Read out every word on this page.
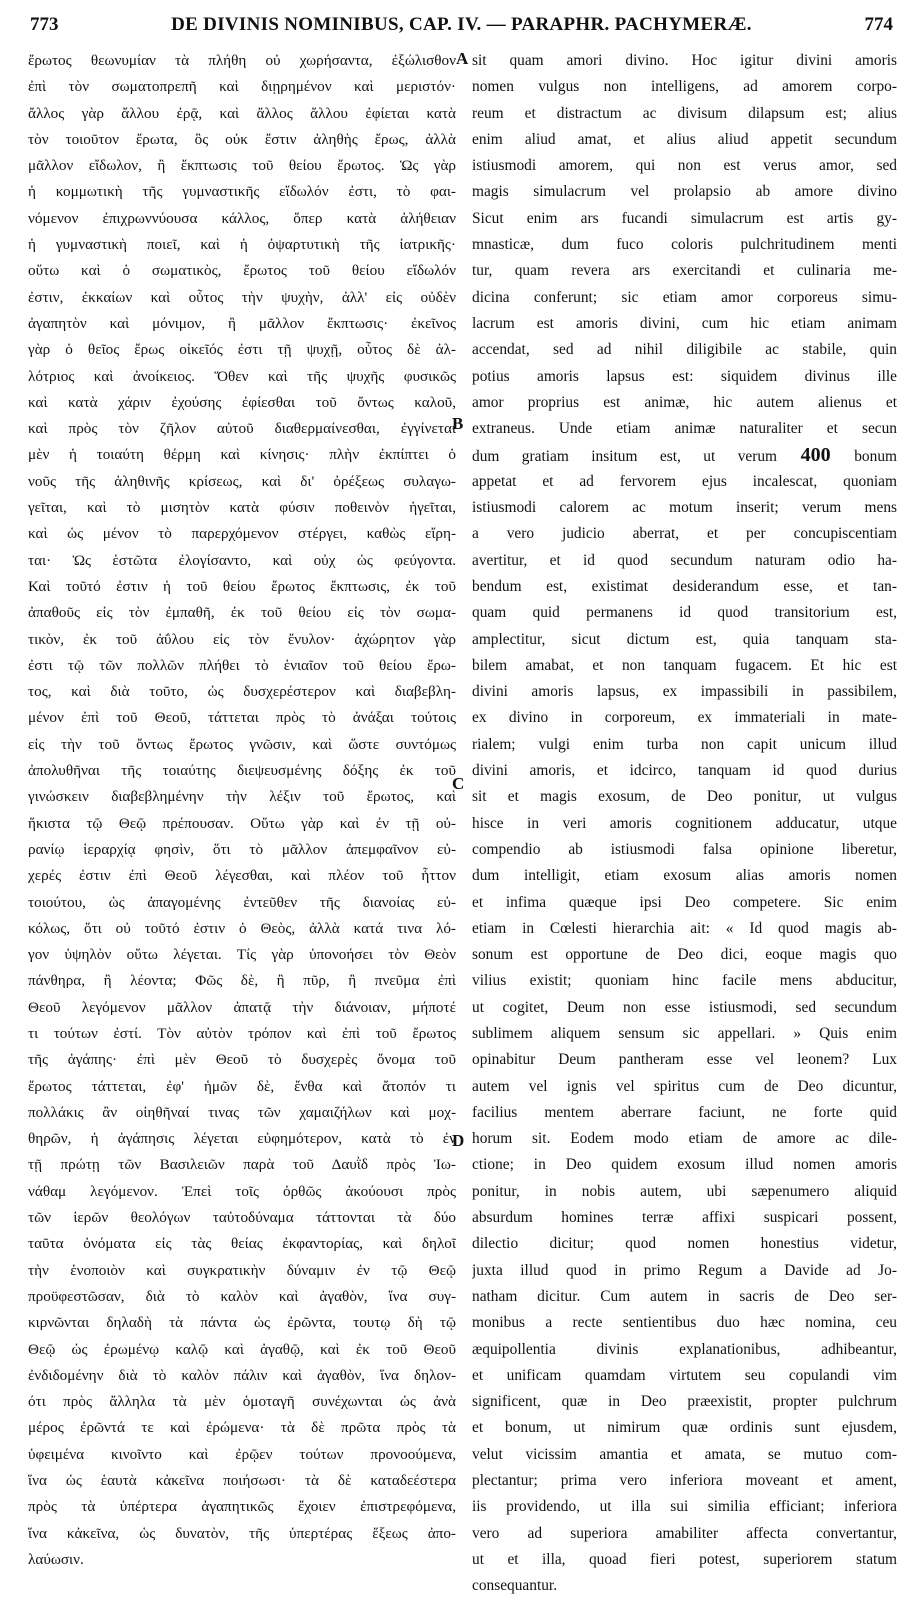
773	DE DIVINIS NOMINIBUS, CAP. IV. — PARAPHR. PACHYMERÆ.	774
A
B
C
D
ἔρωτος θεωνυμίαν τὰ πλήθη οὐ χωρήσαντα, ἐξώλισθον
ἐπὶ τὸν σωματοπρεπῆ καὶ διῃρημένον καὶ μεριστόν·
ἄλλος γὰρ ἄλλου ἐρᾷ, καὶ ἄλλος ἄλλου ἐφίεται κατὰ
τὸν τοιοῦτον ἔρωτα, ὃς οὐκ ἔστιν ἀληθὴς ἔρως, ἀλλὰ
μᾶλλον εἴδωλον, ἢ ἔκπτωσις τοῦ θείου ἔρωτος. Ὡς γὰρ
ἡ κομμωτικὴ τῆς γυμναστικῆς εἴδωλόν ἐστι, τὸ φαι-
νόμενον ἐπιχρωννύουσα κάλλος, ὅπερ κατὰ ἀλήθειαν
ἡ γυμναστικὴ ποιεῖ, καὶ ἡ ὀψαρτυτικὴ τῆς ἰατρικῆς·
οὕτω καὶ ὁ σωματικὸς, ἔρωτος τοῦ θείου εἴδωλόν
ἐστιν, ἐκκαίων καὶ οὗτος τὴν ψυχὴν, ἀλλ' εἰς οὐδὲν
ἀγαπητὸν καὶ μόνιμον, ἢ μᾶλλον ἔκπτωσις· ἐκεῖνος
γὰρ ὁ θεῖος ἔρως οἰκεῖός ἐστι τῇ ψυχῇ, οὗτος δὲ ἀλ-
λότριος καὶ ἀνοίκειος. Ὅθεν καὶ τῆς ψυχῆς φυσικῶς
καὶ κατὰ χάριν ἐχούσης ἐφίεσθαι τοῦ ὄντως καλοῦ,
καὶ πρὸς τὸν ζῆλον αὐτοῦ διαθερμαίνεσθαι, ἐγγίνεται
μὲν ἡ τοιαύτη θέρμη καὶ κίνησις· πλὴν ἐκπίπτει ὁ
νοῦς τῆς ἀληθινῆς κρίσεως, καὶ δι' ὀρέξεως συλαγω-
γεῖται, καὶ τὸ μισητὸν κατὰ φύσιν ποθεινὸν ἡγεῖται,
καὶ ὡς μένον τὸ παρερχόμενον στέργει, καθὼς εἴρη-
ται· Ὡς ἑστῶτα ἐλογίσαντο, καὶ οὐχ ὡς φεύγοντα.
Καὶ τοῦτό ἐστιν ἡ τοῦ θείου ἔρωτος ἔκπτωσις, ἐκ τοῦ
ἀπαθοῦς εἰς τὸν ἐμπαθῆ, ἐκ τοῦ θείου εἰς τὸν σωμα-
τικὸν, ἐκ τοῦ ἀΰλου εἰς τὸν ἔνυλον· ἀχώρητον γὰρ
ἐστι τῷ τῶν πολλῶν πλήθει τὸ ἑνιαῖον τοῦ θείου ἔρω-
τος, καὶ διὰ τοῦτο, ὡς δυσχερέστερον καὶ διαβεβλη-
μένον ἐπὶ τοῦ Θεοῦ, τάττεται πρὸς τὸ ἀνάξαι τούτοις
εἰς τὴν τοῦ ὄντως ἔρωτος γνῶσιν, καὶ ὥστε συντόμως
ἀπολυθῆναι τῆς τοιαύτης διεψευσμένης δόξης ἐκ τοῦ
γινώσκειν διαβεβλημένην τὴν λέξιν τοῦ ἔρωτος, καὶ
ἥκιστα τῷ Θεῷ πρέπουσαν. Οὕτω γὰρ καὶ ἐν τῇ οὐ-
ρανίῳ ἱεραρχίᾳ φησὶν, ὅτι τὸ μᾶλλον ἀπεμφαῖνον εὐ-
χερές ἐστιν ἐπὶ Θεοῦ λέγεσθαι, καὶ πλέον τοῦ ἧττον
τοιούτου, ὡς ἀπαγομένης ἐντεῦθεν τῆς διανοίας εὐ-
κόλως, ὅτι οὐ τοῦτό ἐστιν ὁ Θεὸς, ἀλλὰ κατά τινα λό-
γον ὑψηλὸν οὕτω λέγεται. Τίς γὰρ ὑπονοήσει τὸν Θεὸν
πάνθηρα, ἢ λέοντα; Φῶς δὲ, ἢ πῦρ, ἢ πνεῦμα ἐπὶ
Θεοῦ λεγόμενον μᾶλλον ἀπατᾷ τὴν διάνοιαν, μήποτέ
τι τούτων ἐστί. Τὸν αὐτὸν τρόπον καὶ ἐπὶ τοῦ ἔρωτος
τῆς ἀγάπης· ἐπὶ μὲν Θεοῦ τὸ δυσχερὲς ὄνομα τοῦ
ἔρωτος τάττεται, ἐφ' ἡμῶν δὲ, ἔνθα καὶ ἄτοπόν τι
πολλάκις ἂν οἰηθῆναί τινας τῶν χαμαιζήλων καὶ μοχ-
θηρῶν, ἡ ἀγάπησις λέγεται εὐφημότερον, κατὰ τὸ ἐν
τῇ πρώτῃ τῶν Βασιλειῶν παρὰ τοῦ Δαυῒδ πρὸς Ἰω-
νάθαμ λεγόμενον. Ἐπεὶ τοῖς ὀρθῶς ἀκούουσι πρὸς
τῶν ἱερῶν θεολόγων ταὐτοδύναμα τάττονται τὰ δύο
ταῦτα ὀνόματα εἰς τὰς θείας ἐκφαντορίας, καὶ δηλοῖ
τὴν ἑνοποιὸν καὶ συγκρατικὴν δύναμιν ἐν τῷ Θεῷ
προϋφεστῶσαν, διὰ τὸ καλὸν καὶ ἀγαθὸν, ἵνα συγ-
κιρνῶνται δηλαδὴ τὰ πάντα ὡς ἐρῶντα, τουτῳ δὴ τῷ
Θεῷ ὡς ἐρωμένῳ καλῷ καὶ ἀγαθῷ, καὶ ἐκ τοῦ Θεοῦ
ἐνδιδομένην διὰ τὸ καλὸν πάλιν καὶ ἀγαθὸν, ἵνα δηλον-
ότι πρὸς ἄλληλα τὰ μὲν ὁμοταγῆ συνέχωνται ὡς ἀνὰ
μέρος ἐρῶντά τε καὶ ἐρώμενα· τὰ δὲ πρῶτα πρὸς τὰ
ὑφειμένα κινοῖντο καὶ ἐρῷεν τούτων προνοούμενα,
ἵνα ὡς ἑαυτὰ κἀκεῖνα ποιήσωσι· τὰ δὲ καταδεέστερα
πρὸς τὰ ὑπέρτερα ἀγαπητικῶς ἔχοιεν ἐπιστρεφόμενα,
ἵνα κἀκεῖνα, ὡς δυνατὸν, τῆς ὑπερτέρας ἕξεως ἀπο-
λαύωσιν.
sit quam amori divino. Hoc igitur divini amoris
nomen vulgus non intelligens, ad amorem corpo-
reum et distractum ac divisum dilapsum est; alius
enim aliud amat, et alius aliud appetit secundum
istiusmodi amorem, qui non est verus amor, sed
magis simulacrum vel prolapsio ab amore divino
Sicut enim ars fucandi simulacrum est artis gy-
mnasticæ, dum fuco coloris pulchritudinem menti
tur, quam revera ars exercitandi et culinaria me-
dicina conferunt; sic etiam amor corporeus simu-
lacrum est amoris divini, cum hic etiam animam
accendat, sed ad nihil diligibile ac stabile, quin
potius amoris lapsus est: siquidem divinus ille
amor proprius est animæ, hic autem alienus et
extraneus. Unde etiam animæ naturaliter et secun
dum gratiam insitum est, ut verum 400 bonum
appetat et ad fervorem ejus incalescat, quoniam
istiusmodi calorem ac motum inserit; verum mens
a vero judicio aberrat, et per concupiscentiam
avertitur, et id quod secundum naturam odio ha-
bendum est, existimat desiderandum esse, et tan-
quam quid permanens id quod transitorium est,
amplectitur, sicut dictum est, quia tanquam sta-
bilem amabat, et non tanquam fugacem. Et hic est
divini amoris lapsus, ex impassibili in passibilem,
ex divino in corporeum, ex immateriali in mate-
rialem; vulgi enim turba non capit unicum illud
divini amoris, et idcirco, tanquam id quod durius
sit et magis exosum, de Deo ponitur, ut vulgus
hisce in veri amoris cognitionem adducatur, utque
compendio ab istiusmodi falsa opinione liberetur,
dum intelligit, etiam exosum alias amoris nomen
et infima quæque ipsi Deo competere. Sic enim
etiam in Cœlesti hierarchia ait: « Id quod magis ab-
sonum est opportune de Deo dici, eoque magis quo
vilius existit; quoniam hinc facile mens abducitur,
ut cogitet, Deum non esse istiusmodi, sed secundum
sublimem aliquem sensum sic appellari. » Quis enim
opinabitur Deum pantheram esse vel leonem? Lux
autem vel ignis vel spiritus cum de Deo dicuntur,
facilius mentem aberrare faciunt, ne forte quid
horum sit. Eodem modo etiam de amore ac dile-
ctione; in Deo quidem exosum illud nomen amoris
ponitur, in nobis autem, ubi sæpenumero aliquid
absurdum homines terræ affixi suspicari possent,
dilectio dicitur; quod nomen honestius videtur,
juxta illud quod in primo Regum a Davide ad Jo-
natham dicitur. Cum autem in sacris de Deo ser-
monibus a recte sentientibus duo hæc nomina, ceu
æquipollentia divinis explanationibus, adhibeantur,
et unificam quamdam virtutem seu copulandi vim
significent, quæ in Deo præexistit, propter pulchrum
et bonum, ut nimirum quæ ordinis sunt ejusdem,
velut vicissim amantia et amata, se mutuo com-
plectantur; prima vero inferiora moveant et ament,
iis providendo, ut illa sui similia efficiant; inferiora
vero ad superiora amabiliter affecta convertantur,
ut et illa, quoad fieri potest, superiorem statum
consequantur.
